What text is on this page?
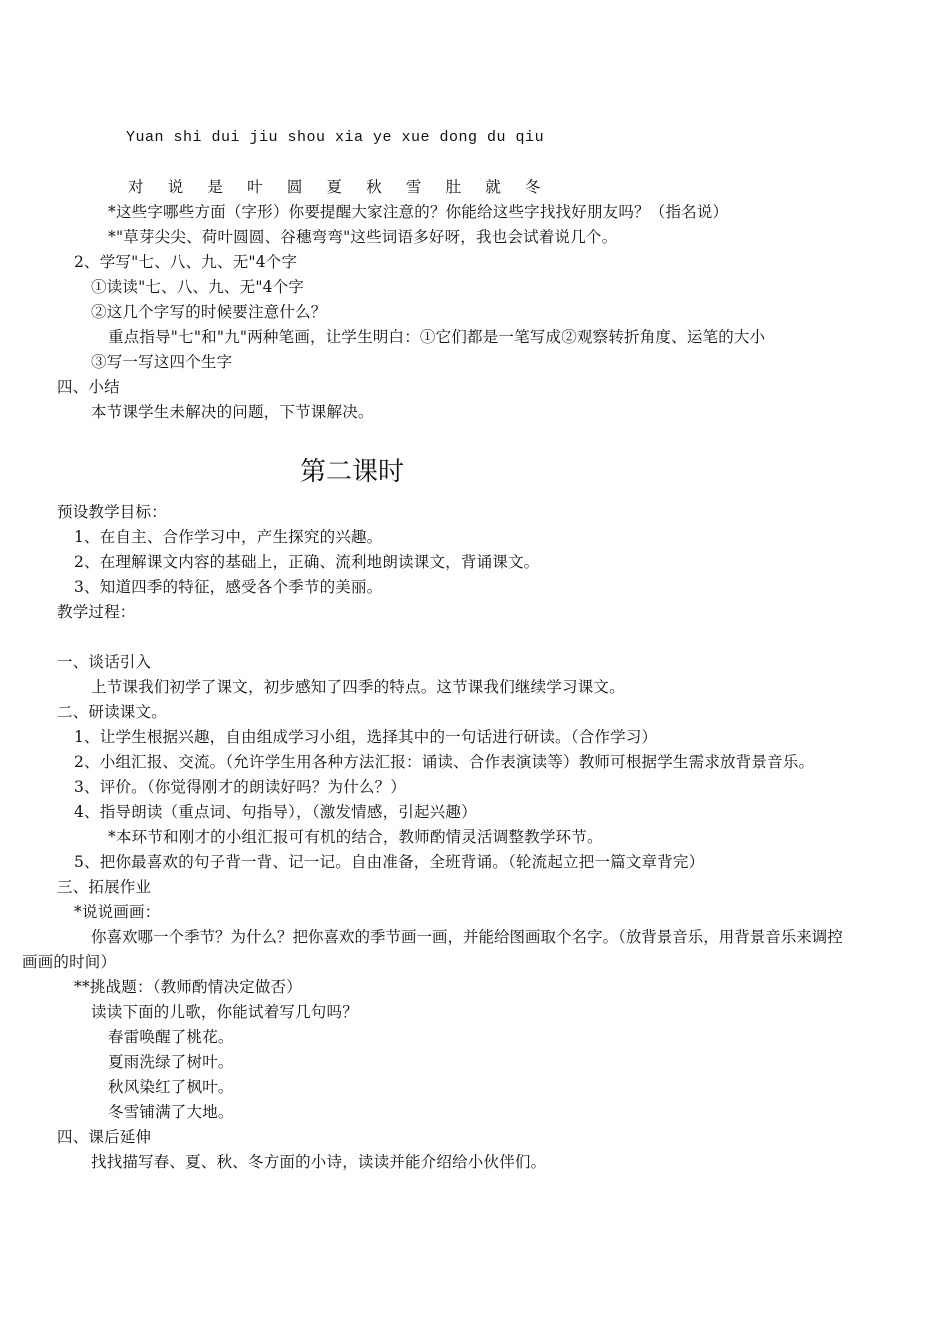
Yuan shi dui jiu shou xia ye xue dong du qiu
对 说 是 叶 圆 夏 秋 雪 肚 就 冬
*这些字哪些方面（字形）你要提醒大家注意的？你能给这些字找找好朋友吗？（指名说）
*"草芽尖尖、荷叶圆圆、谷穗弯弯"这些词语多好呀，我也会试着说几个。
2、学写"七、八、九、无"4个字
①读读"七、八、九、无"4个字
②这几个字写的时候要注意什么？
重点指导"七"和"九"两种笔画，让学生明白：①它们都是一笔写成②观察转折角度、运笔的大小
③写一写这四个生字
四、小结
本节课学生未解决的问题，下节课解决。
第二课时
预设教学目标：
1、在自主、合作学习中，产生探究的兴趣。
2、在理解课文内容的基础上，正确、流利地朗读课文，背诵课文。
3、知道四季的特征，感受各个季节的美丽。
教学过程：
一、谈话引入
上节课我们初学了课文，初步感知了四季的特点。这节课我们继续学习课文。
二、研读课文。
1、让学生根据兴趣，自由组成学习小组，选择其中的一句话进行研读。（合作学习）
2、小组汇报、交流。（允许学生用各种方法汇报：诵读、合作表演读等）教师可根据学生需求放背景音乐。
3、评价。（你觉得刚才的朗读好吗？为什么？）
4、指导朗读（重点词、句指导），（激发情感，引起兴趣）
*本环节和刚才的小组汇报可有机的结合，教师酌情灵活调整教学环节。
5、把你最喜欢的句子背一背、记一记。自由准备，全班背诵。（轮流起立把一篇文章背完）
三、拓展作业
*说说画画：
你喜欢哪一个季节？为什么？把你喜欢的季节画一画，并能给图画取个名字。（放背景音乐，用背景音乐来调控
画画的时间）
**挑战题：（教师酌情决定做否）
读读下面的儿歌，你能试着写几句吗？
春雷唤醒了桃花。
夏雨洗绿了树叶。
秋风染红了枫叶。
冬雪铺满了大地。
四、课后延伸
找找描写春、夏、秋、冬方面的小诗，读读并能介绍给小伙伴们。
